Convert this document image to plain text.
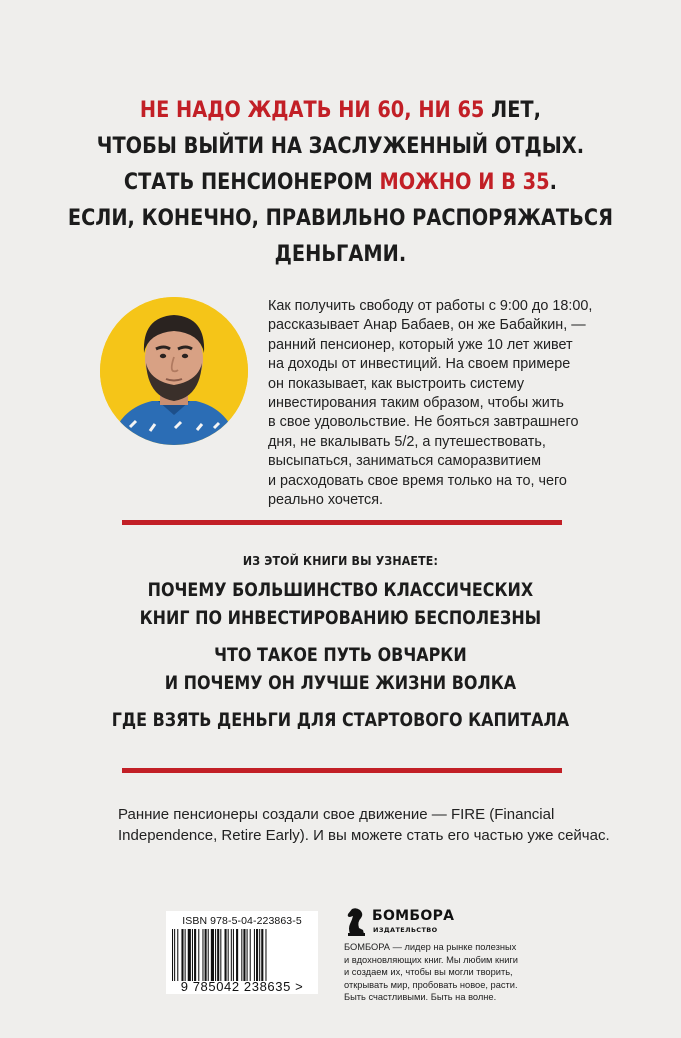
НЕ НАДО ЖДАТЬ НИ 60, НИ 65 ЛЕТ,
ЧТОБЫ ВЫЙТИ НА ЗАСЛУЖЕННЫЙ ОТДЫХ.
СТАТЬ ПЕНСИОНЕРОМ МОЖНО И В 35.
ЕСЛИ, КОНЕЧНО, ПРАВИЛЬНО РАСПОРЯЖАТЬСЯ
ДЕНЬГАМИ.
Как получить свободу от работы с 9:00 до 18:00,
рассказывает Анар Бабаев, он же Бабайкин, —
ранний пенсионер, который уже 10 лет живет
на доходы от инвестиций. На своем примере
он показывает, как выстроить систему
инвестирования таким образом, чтобы жить
в свое удовольствие. Не бояться завтрашнего
дня, не вкалывать 5/2, а путешествовать,
высыпаться, заниматься саморазвитием
и расходовать свое время только на то, чего
реально хочется.
ИЗ ЭТОЙ КНИГИ ВЫ УЗНАЕТЕ:
ПОЧЕМУ БОЛЬШИНСТВО КЛАССИЧЕСКИХ
КНИГ ПО ИНВЕСТИРОВАНИЮ БЕСПОЛЕЗНЫ
ЧТО ТАКОЕ ПУТЬ ОВЧАРКИ
И ПОЧЕМУ ОН ЛУЧШЕ ЖИЗНИ ВОЛКА
ГДЕ ВЗЯТЬ ДЕНЬГИ ДЛЯ СТАРТОВОГО КАПИТАЛА
Ранние пенсионеры создали свое движение — FIRE (Financial
Independence, Retire Early). И вы можете стать его частью уже сейчас.
ISBN 978-5-04-223863-5
9 785042 238635 >
БОМБОРА
ИЗДАТЕЛЬСТВО
БОМБОРА — лидер на рынке полезных
и вдохновляющих книг. Мы любим книги
и создаем их, чтобы вы могли творить,
открывать мир, пробовать новое, расти.
Быть счастливыми. Быть на волне.
